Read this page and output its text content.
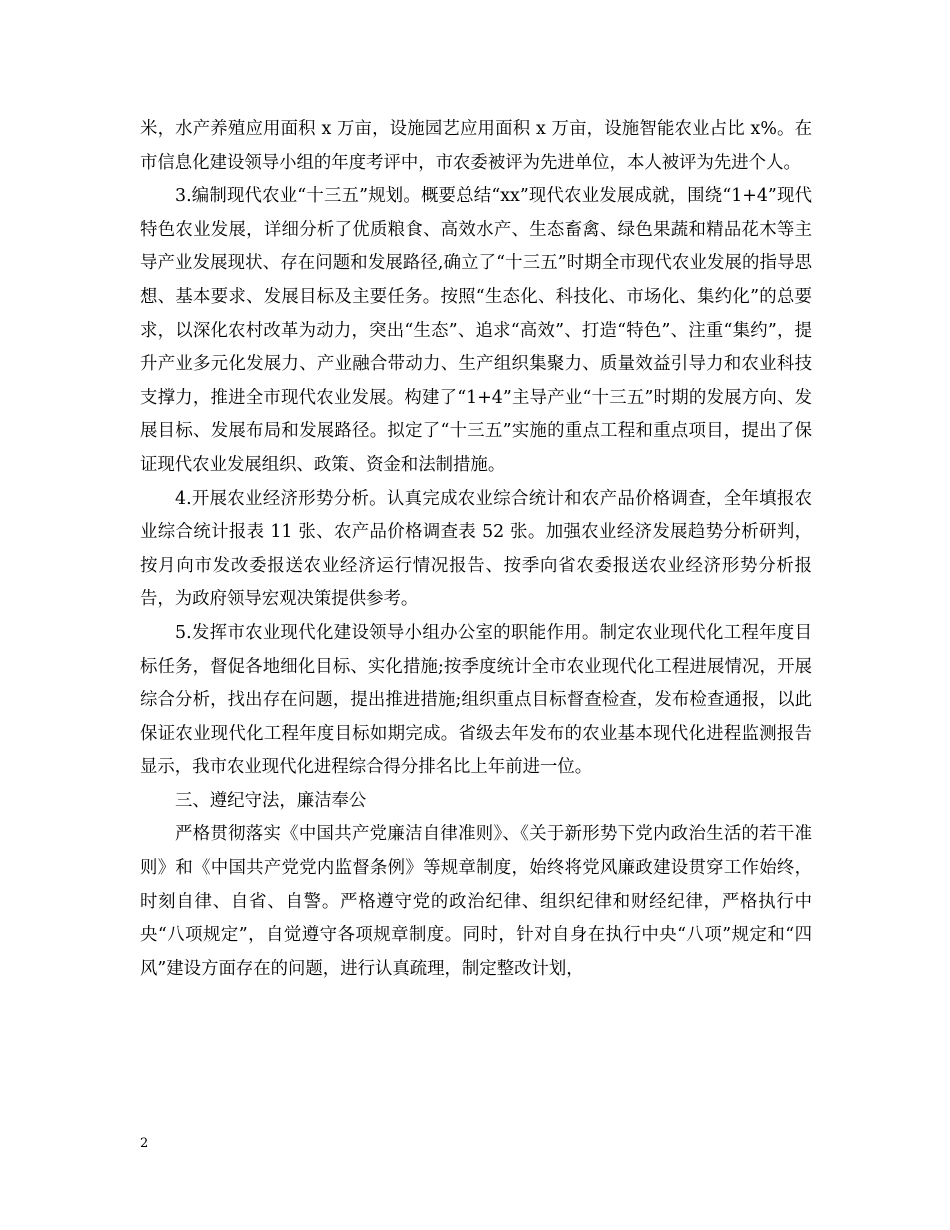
米，水产养殖应用面积 x 万亩，设施园艺应用面积 x 万亩，设施智能农业占比 x%。在市信息化建设领导小组的年度考评中，市农委被评为先进单位，本人被评为先进个人。

3.编制现代农业“十三五”规划。概要总结“xx”现代农业发展成就，围绕“1+4”现代特色农业发展，详细分析了优质粮食、高效水产、生态畜禽、绿色果蔬和精品花木等主导产业发展现状、存在问题和发展路径,确立了“十三五”时期全市现代农业发展的指导思想、基本要求、发展目标及主要任务。按照“生态化、科技化、市场化、集约化”的总要求，以深化农村改革为动力，突出“生态”、追求“高效”、打造“特色”、注重“集约”，提升产业多元化发展力、产业融合带动力、生产组织集聚力、质量效益引导力和农业科技支撑力，推进全市现代农业发展。构建了“1+4”主导产业“十三五”时期的发展方向、发展目标、发展布局和发展路径。拟定了“十三五”实施的重点工程和重点项目，提出了保证现代农业发展组织、政策、资金和法制措施。

4.开展农业经济形势分析。认真完成农业综合统计和农产品价格调查，全年填报农业综合统计报表 11 张、农产品价格调查表 52 张。加强农业经济发展趋势分析研判，按月向市发改委报送农业经济运行情况报告、按季向省农委报送农业经济形势分析报告，为政府领导宏观决策提供参考。

5.发挥市农业现代化建设领导小组办公室的职能作用。制定农业现代化工程年度目标任务，督促各地细化目标、实化措施;按季度统计全市农业现代化工程进展情况，开展综合分析，找出存在问题，提出推进措施;组织重点目标督查检查，发布检查通报，以此保证农业现代化工程年度目标如期完成。省级去年发布的农业基本现代化进程监测报告显示，我市农业现代化进程综合得分排名比上年前进一位。

三、遵纪守法，廉洁奉公

严格贯彻落实《中国共产党廉洁自律准则》、《关于新形势下党内政治生活的若干准则》和《中国共产党党内监督条例》等规章制度，始终将党风廉政建设贯穿工作始终，时刻自律、自省、自警。严格遵守党的政治纪律、组织纪律和财经纪律，严格执行中央“八项规定”，自觉遵守各项规章制度。同时，针对自身在执行中央“八项”规定和“四风”建设方面存在的问题，进行认真疏理，制定整改计划，

2
